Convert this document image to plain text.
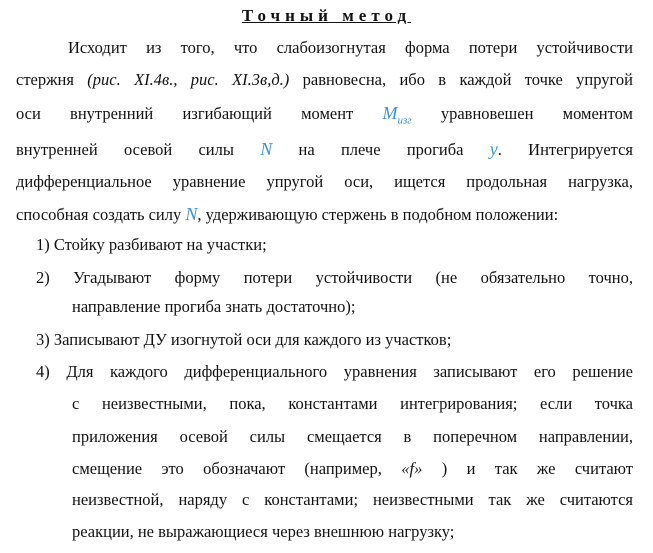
Точный метод
Исходит из того, что слабоизогнутая форма потери устойчивости
стержня (рис. XI.4в., рис. XI.3в,д.) равновесна, ибо в каждой точке упругой
оси внутренний изгибающий момент $M_{изг}$ уравновешен моментом
внутренней осевой силы N на плече прогиба y. Интегрируется
дифференциальное уравнение упругой оси, ищется продольная нагрузка,
способная создать силу N, удерживающую стержень в подобном положении:
1) Стойку разбивают на участки;
2) Угадывают форму потери устойчивости (не обязательно точно,
направление прогиба знать достаточно);
3) Записывают ДУ изогнутой оси для каждого из участков;
4) Для каждого дифференциального уравнения записывают его решение
с неизвестными, пока, константами интегрирования; если точка
приложения осевой силы смещается в поперечном направлении,
смещение это обозначают (например, «f» ) и так же считают
неизвестной, наряду с константами; неизвестными так же считаются
реакции, не выражающиеся через внешнюю нагрузку;
